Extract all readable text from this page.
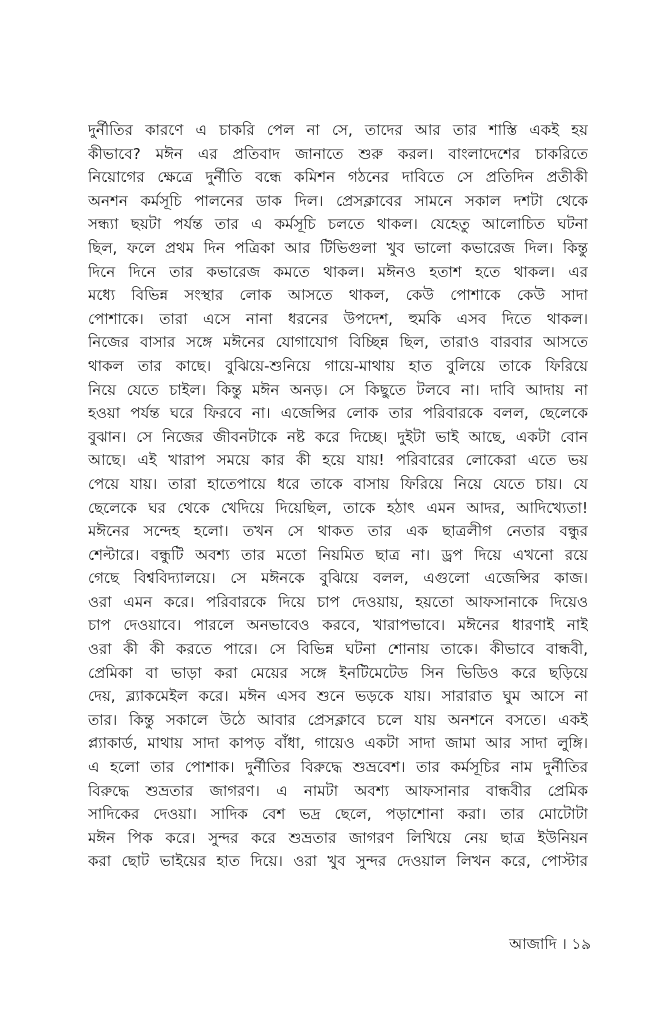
দুর্নীতির কারণে এ চাকরি পেল না সে, তাদের আর তার শাস্তি একই হয়
কীভাবে? মঈন এর প্রতিবাদ জানাতে শুরু করল। বাংলাদেশের চাকরিতে
নিয়োগের ক্ষেত্রে দুর্নীতি বন্ধে কমিশন গঠনের দাবিতে সে প্রতিদিন প্রতীকী
অনশন কর্মসূচি পালনের ডাক দিল। প্রেসক্লাবের সামনে সকাল দশটা থেকে
সন্ধ্যা ছয়টা পর্যন্ত তার এ কর্মসূচি চলতে থাকল। যেহেতু আলোচিত ঘটনা
ছিল, ফলে প্রথম দিন পত্রিকা আর টিভিগুলা খুব ভালো কভারেজ দিল। কিন্তু
দিনে দিনে তার কভারেজ কমতে থাকল। মঈনও হতাশ হতে থাকল। এর
মধ্যে বিভিন্ন সংস্থার লোক আসতে থাকল, কেউ পোশাকে কেউ সাদা
পোশাকে। তারা এসে নানা ধরনের উপদেশ, হুমকি এসব দিতে থাকল।
নিজের বাসার সঙ্গে মঈনের যোগাযোগ বিচ্ছিন্ন ছিল, তারাও বারবার আসতে
থাকল তার কাছে। বুঝিয়ে-শুনিয়ে গায়ে-মাথায় হাত বুলিয়ে তাকে ফিরিয়ে
নিয়ে যেতে চাইল। কিন্তু মঈন অনড়। সে কিছুতে টলবে না। দাবি আদায় না
হওয়া পর্যন্ত ঘরে ফিরবে না। এজেন্সির লোক তার পরিবারকে বলল, ছেলেকে
বুঝান। সে নিজের জীবনটাকে নষ্ট করে দিচ্ছে। দুইটা ভাই আছে, একটা বোন
আছে। এই খারাপ সময়ে কার কী হয়ে যায়! পরিবারের লোকেরা এতে ভয়
পেয়ে যায়। তারা হাতেপায়ে ধরে তাকে বাসায় ফিরিয়ে নিয়ে যেতে চায়। যে
ছেলেকে ঘর থেকে খেদিয়ে দিয়েছিল, তাকে হঠাৎ এমন আদর, আদিখ্যেতা!
মঈনের সন্দেহ হলো। তখন সে থাকত তার এক ছাত্রলীগ নেতার বন্ধুর
শেল্টারে। বন্ধুটি অবশ্য তার মতো নিয়মিত ছাত্র না। ড্রপ দিয়ে এখনো রয়ে
গেছে বিশ্ববিদ্যালয়ে। সে মঈনকে বুঝিয়ে বলল, এগুলো এজেন্সির কাজ।
ওরা এমন করে। পরিবারকে দিয়ে চাপ দেওয়ায়, হয়তো আফসানাকে দিয়েও
চাপ দেওয়াবে। পারলে অনভাবেও করবে, খারাপভাবে। মঈনের ধারণাই নাই
ওরা কী কী করতে পারে। সে বিভিন্ন ঘটনা শোনায় তাকে। কীভাবে বান্ধবী,
প্রেমিকা বা ভাড়া করা মেয়ের সঙ্গে ইনটিমেটেড সিন ভিডিও করে ছড়িয়ে
দেয়, ব্ল্যাকমেইল করে। মঈন এসব শুনে ভড়কে যায়। সারারাত ঘুম আসে না
তার। কিন্তু সকালে উঠে আবার প্রেসক্লাবে চলে যায় অনশনে বসতে। একই
প্ল্যাকার্ড, মাথায় সাদা কাপড় বাঁধা, গায়েও একটা সাদা জামা আর সাদা লুঙ্গি।
এ হলো তার পোশাক। দুর্নীতির বিরুদ্ধে শুভ্রবেশ। তার কর্মসূচির নাম দুর্নীতির
বিরুদ্ধে শুভ্রতার জাগরণ। এ নামটা অবশ্য আফসানার বান্ধবীর প্রেমিক
সাদিকের দেওয়া। সাদিক বেশ ভদ্র ছেলে, পড়াশোনা করা। তার মোটোটা
মঈন পিক করে। সুন্দর করে শুভ্রতার জাগরণ লিখিয়ে নেয় ছাত্র ইউনিয়ন
করা ছোট ভাইয়ের হাত দিয়ে। ওরা খুব সুন্দর দেওয়াল লিখন করে, পোস্টার
আজাদি । ১৯
